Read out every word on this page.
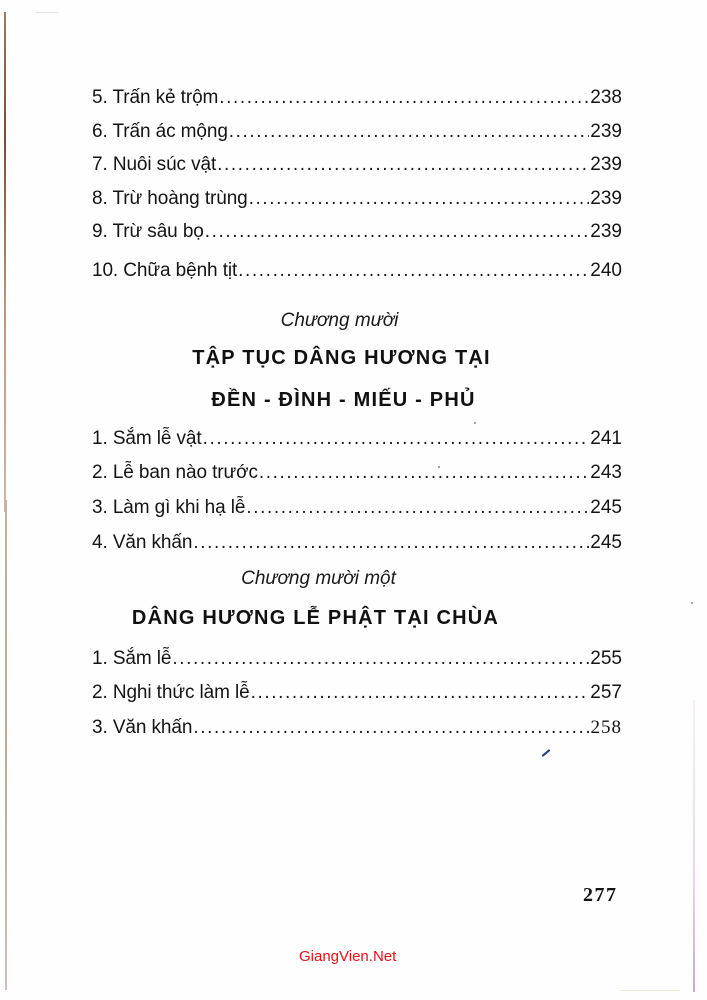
5. Trấn kẻ trộm .....	238
6. Trấn ác mộng .....	239
7. Nuôi súc vật .....	239
8. Trừ hoàng trùng .....	239
9. Trừ sâu bọ .....	239
10. Chữa bệnh tịt .....	240
Chương mười
TẬP TỤC DÂNG HƯƠNG TẠI
ĐỀN - ĐÌNH - MIẾU - PHỦ
1. Sắm lễ vật .....	241
2. Lễ ban nào trước .....	243
3. Làm gì khi hạ lễ .....	245
4. Văn khấn .....	245
Chương mười một
DÂNG HƯƠNG LỄ PHẬT TẠI CHÙA
1. Sắm lễ .....	255
2. Nghi thức làm lễ .....	257
3. Văn khấn .....	258
277
GiangVien.Net
